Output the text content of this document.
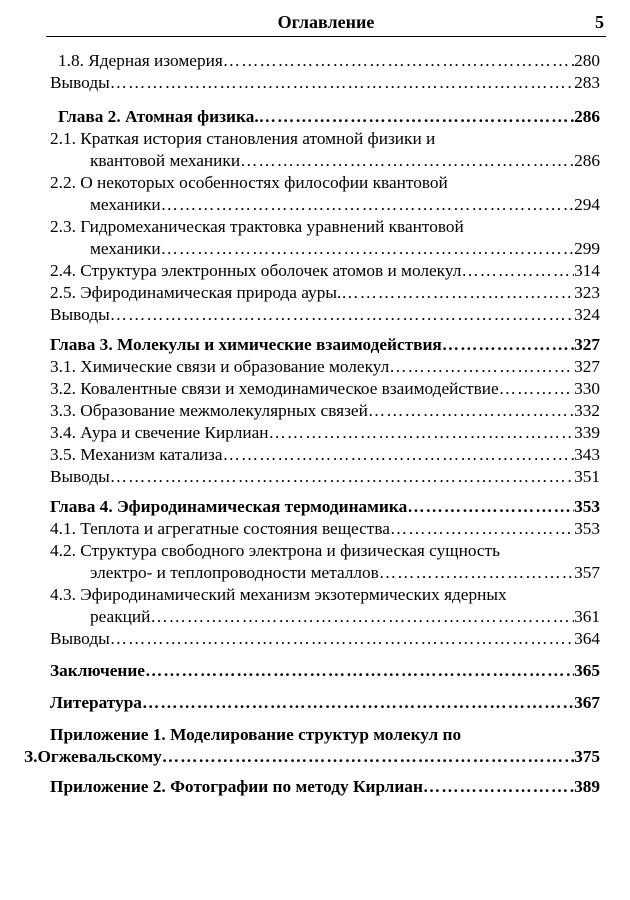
Оглавление	5
1.8. Ядерная изомерия …………………………………………………………………………………………………………………………………………………………	280
Выводы …………………………………………………………………………………………………………………………………………………………	283
Глава 2. Атомная физика. …………………………………………………………………………………………………………………………………………………………	286
2.1. Краткая история становления атомной физики и
квантовой механики …………………………………………………………………………………………………………………………………………………………	286
2.2. О некоторых особенностях философии квантовой
механики …………………………………………………………………………………………………………………………………………………………	294
2.3. Гидромеханическая трактовка уравнений квантовой
механики …………………………………………………………………………………………………………………………………………………………	299
2.4. Структура электронных оболочек атомов и молекул …………………………………………………………………………………………………………………………………………………………	314
2.5. Эфиродинамическая природа ауры. …………………………………………………………………………………………………………………………………………………………	323
Выводы …………………………………………………………………………………………………………………………………………………………	324
Глава 3. Молекулы и химические взаимодействия …………………………………………………………………………………………………………………………………………………………	327
3.1. Химические связи и образование молекул …………………………………………………………………………………………………………………………………………………………	327
3.2. Ковалентные связи и хемодинамическое взаимодействие …………………………………………………………………………………………………………………………………………………………	330
3.3. Образование межмолекулярных связей …………………………………………………………………………………………………………………………………………………………	332
3.4. Аура и свечение Кирлиан …………………………………………………………………………………………………………………………………………………………	339
3.5. Механизм катализа …………………………………………………………………………………………………………………………………………………………	343
Выводы …………………………………………………………………………………………………………………………………………………………	351
Глава 4. Эфиродинамическая термодинамика …………………………………………………………………………………………………………………………………………………………	353
4.1. Теплота и агрегатные состояния вещества …………………………………………………………………………………………………………………………………………………………	353
4.2. Структура свободного электрона и физическая сущность
электро- и теплопроводности металлов …………………………………………………………………………………………………………………………………………………………	357
4.3. Эфиродинамический механизм экзотермических ядерных
реакций …………………………………………………………………………………………………………………………………………………………	361
Выводы …………………………………………………………………………………………………………………………………………………………	364
Заключение …………………………………………………………………………………………………………………………………………………………	365
Литература …………………………………………………………………………………………………………………………………………………………	367
Приложение 1. Моделирование структур молекул по
З.Огжевальскому …………………………………………………………………………………………………………………………………………………………	375
Приложение 2. Фотографии по методу Кирлиан …………………………………………………………………………………………………………………………………………………………	389
